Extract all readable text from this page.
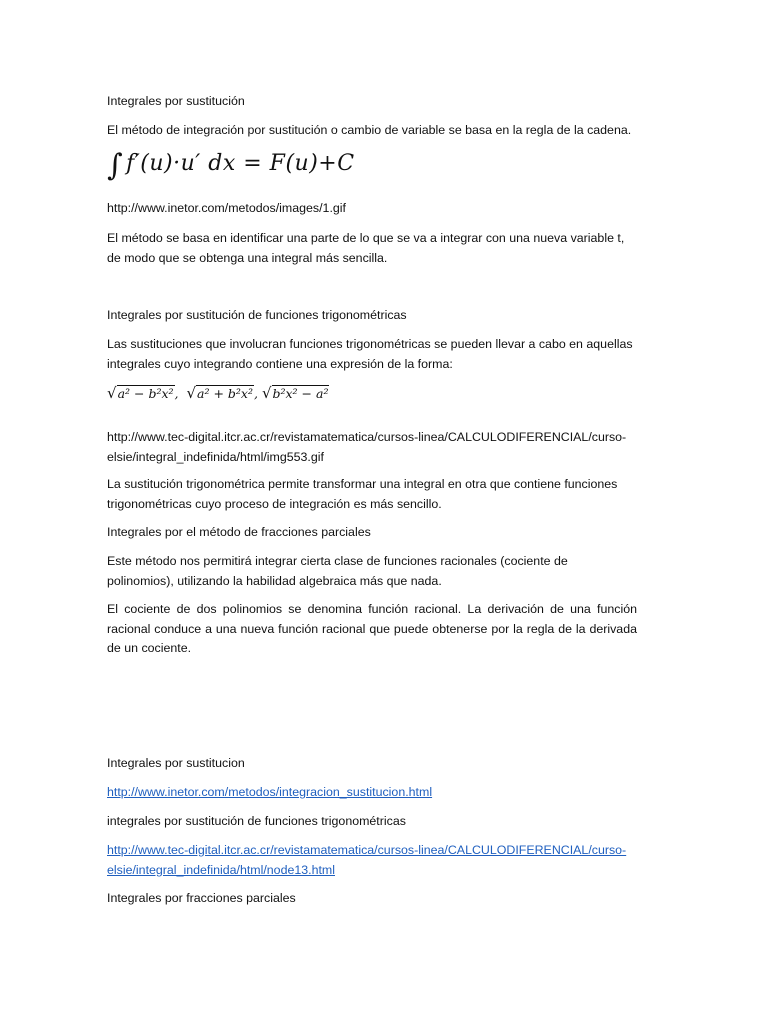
Integrales por sustitución

El método de integración por sustitución o cambio de variable se basa en la regla de la cadena.

∫ f′(u)·u′ dx = F(u)+C

http://www.inetor.com/metodos/images/1.gif

El método se basa en identificar una parte de lo que se va a integrar con una nueva variable t, de modo que se obtenga una integral más sencilla.

Integrales por sustitución de funciones trigonométricas

Las sustituciones que involucran funciones trigonométricas se pueden llevar a cabo en aquellas integrales cuyo integrando contiene una expresión de la forma:

√a² − b²x²,  √a² + b²x², √b²x² − a²

http://www.tec-digital.itcr.ac.cr/revistamatematica/cursos-linea/CALCULODIFERENCIAL/curso-elsie/integral_indefinida/html/img553.gif

La sustitución trigonométrica permite transformar una integral en otra que contiene funciones trigonométricas cuyo proceso de integración es más sencillo.

Integrales por el método de fracciones parciales

Este método nos permitirá integrar cierta clase de funciones racionales (cociente de polinomios), utilizando la habilidad algebraica más que nada.

El cociente de dos polinomios se denomina función racional. La derivación de una función racional conduce a una nueva función racional que puede obtenerse por la regla de la derivada de un cociente.

Integrales por sustitucion

http://www.inetor.com/metodos/integracion_sustitucion.html

integrales por sustitución de funciones trigonométricas

http://www.tec-digital.itcr.ac.cr/revistamatematica/cursos-linea/CALCULODIFERENCIAL/curso-elsie/integral_indefinida/html/node13.html

Integrales por fracciones parciales
